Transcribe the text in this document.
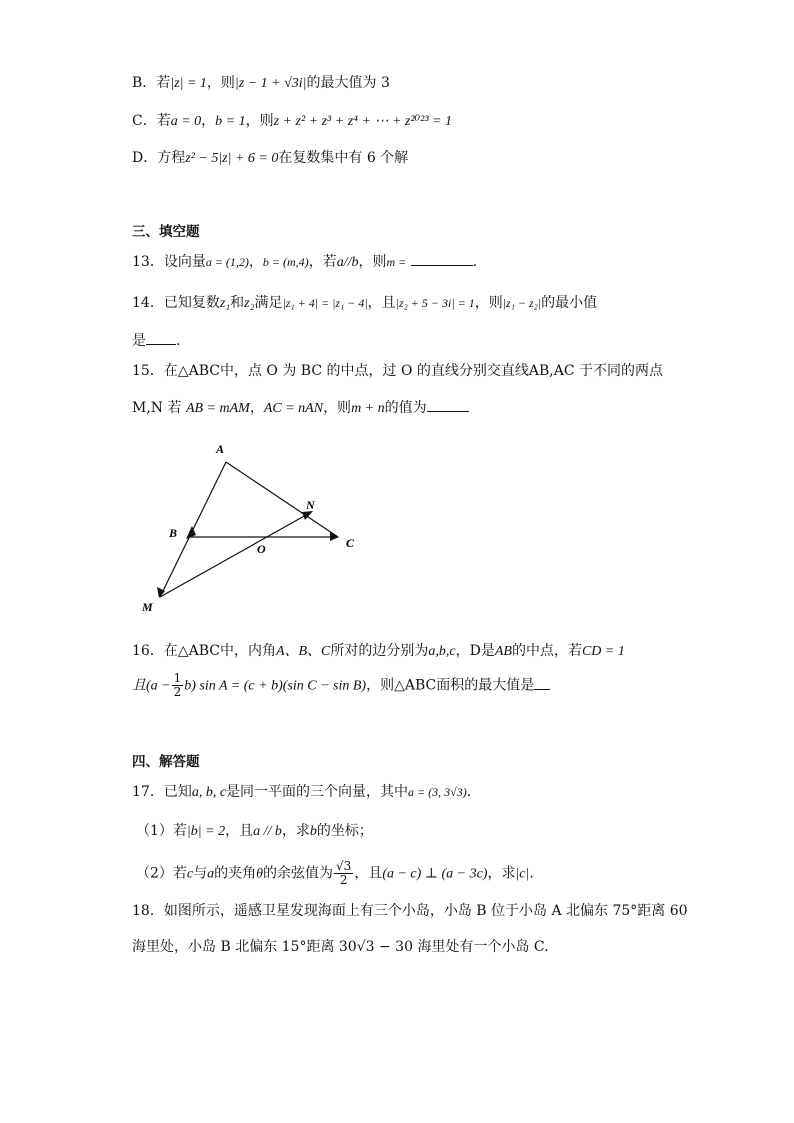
B．若|z| = 1，则|z − 1 + √3i|的最大值为 3
C．若a = 0，b = 1，则z + z² + z³ + z⁴ + ⋯ + z²⁰²³ = 1
D．方程z² − 5|z| + 6 = 0在复数集中有 6 个解
三、填空题
13．设向量a = (1,2)，b = (m,4)，若a//b，则m =	.
14．已知复数z₁和z₂满足|z₁ + 4| = |z₁ − 4|，且|z₂ + 5 − 3i| = 1，则|z₁ − z₂|的最小值
是 .
15．在△ABC中，点 O 为 BC 的中点，过 O 的直线分别交直线AB,AC 于不同的两点
M,N 若 AB = mAM，AC = nAN，则m + n的值为
A
B
C
N
O
M
16．在△ABC中，内角A、B、C所对的边分别为a,b,c，D是AB的中点，若CD = 1
且$(a - \frac{1}{2} b)$ sin A = (c + b)(sin C − sin B)，则△ABC面积的最大值是
四、解答题
17．已知a, b, c是同一平面的三个向量，其中a = (3, 3√3).
（1）若|b| = 2，且a // b，求b的坐标；
（2）若c与a的夹角θ的余弦值为 $\frac{√3}{2}$ ，且(a − c) ⊥ (a − 3c)，求|c|.
18．如图所示，遥感卫星发现海面上有三个小岛，小岛 B 位于小岛 A 北偏东 75°距离 60
海里处，小岛 B 北偏东 15°距离 30√3 − 30 海里处有一个小岛 C.
